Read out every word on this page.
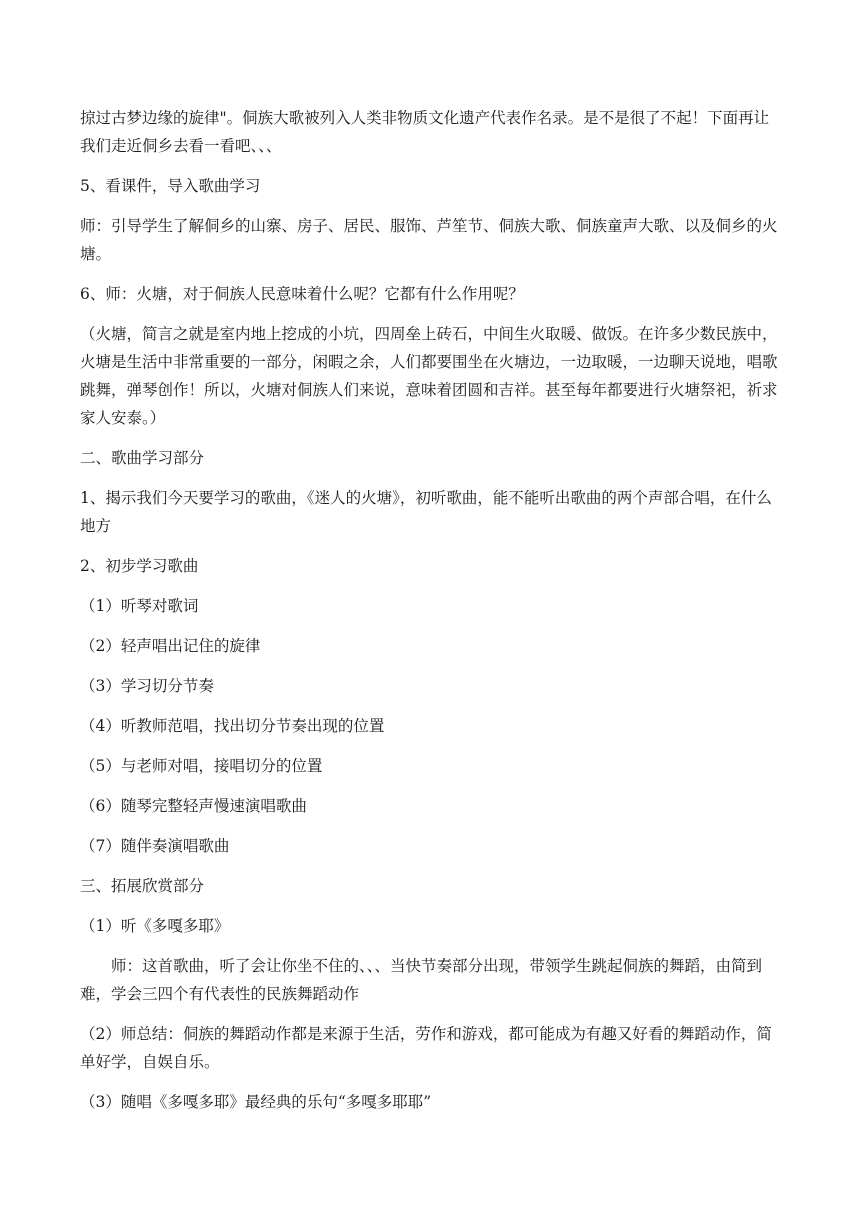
掠过古梦边缘的旋律"。侗族大歌被列入人类非物质文化遗产代表作名录。是不是很了不起！下面再让我们走近侗乡去看一看吧、、、

5、看课件，导入歌曲学习

师：引导学生了解侗乡的山寨、房子、居民、服饰、芦笙节、侗族大歌、侗族童声大歌、以及侗乡的火塘。

6、师：火塘，对于侗族人民意味着什么呢？它都有什么作用呢？

（火塘，简言之就是室内地上挖成的小坑，四周垒上砖石，中间生火取暖、做饭。在许多少数民族中，火塘是生活中非常重要的一部分，闲暇之余，人们都要围坐在火塘边，一边取暖，一边聊天说地，唱歌跳舞，弹琴创作！所以，火塘对侗族人们来说，意味着团圆和吉祥。甚至每年都要进行火塘祭祀，祈求家人安泰。）

二、歌曲学习部分

1、揭示我们今天要学习的歌曲，《迷人的火塘》，初听歌曲，能不能听出歌曲的两个声部合唱，在什么地方

2、初步学习歌曲

（1）听琴对歌词

（2）轻声唱出记住的旋律

（3）学习切分节奏

（4）听教师范唱，找出切分节奏出现的位置

（5）与老师对唱，接唱切分的位置

（6）随琴完整轻声慢速演唱歌曲

（7）随伴奏演唱歌曲

三、拓展欣赏部分

（1）听《多嘎多耶》

师：这首歌曲，听了会让你坐不住的、、、当快节奏部分出现，带领学生跳起侗族的舞蹈，由简到难，学会三四个有代表性的民族舞蹈动作

（2）师总结：侗族的舞蹈动作都是来源于生活，劳作和游戏，都可能成为有趣又好看的舞蹈动作，简单好学，自娱自乐。

（3）随唱《多嘎多耶》最经典的乐句“多嘎多耶耶”
